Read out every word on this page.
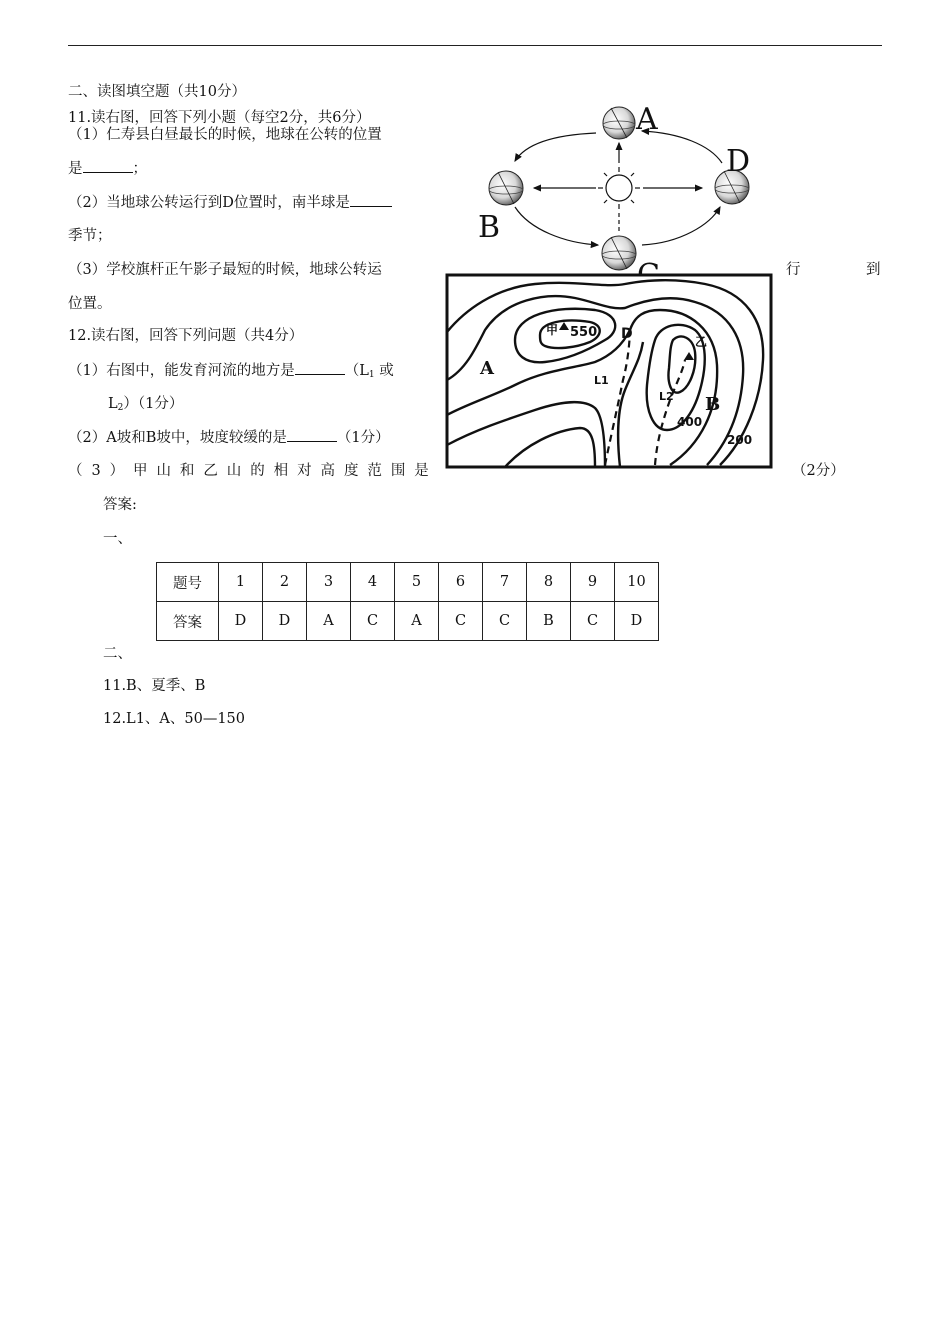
二、读图填空题（共10分）
11.读右图，回答下列小题（每空2分，共6分）
（1）仁寿县白昼最长的时候，地球在公转的位置
是	；
（2）当地球公转运行到D位置时，南半球是
季节；
（3）学校旗杆正午影子最短的时候，地球公转运	行	到
位置。
12.读右图，回答下列问题（共4分）
（1）右图中，能发育河流的地方是	（$L_1$ 或
$L_2)(1$分）
（2）A坡和B坡中，坡度较缓的是	（1分）
（ 3 ） 甲 山 和 乙 山 的 相 对 高 度 范 围 是	（2分）
A
B
D
甲 550
乙
A
B
D
L1
L2
400
200
答案:
一、
题号	1	2	3	4	5	6	7	8	9	10
答案	D	D	A	C	A	C	C	B	C	D
二、
11.B、夏季、B
12.L1、A、50—150
